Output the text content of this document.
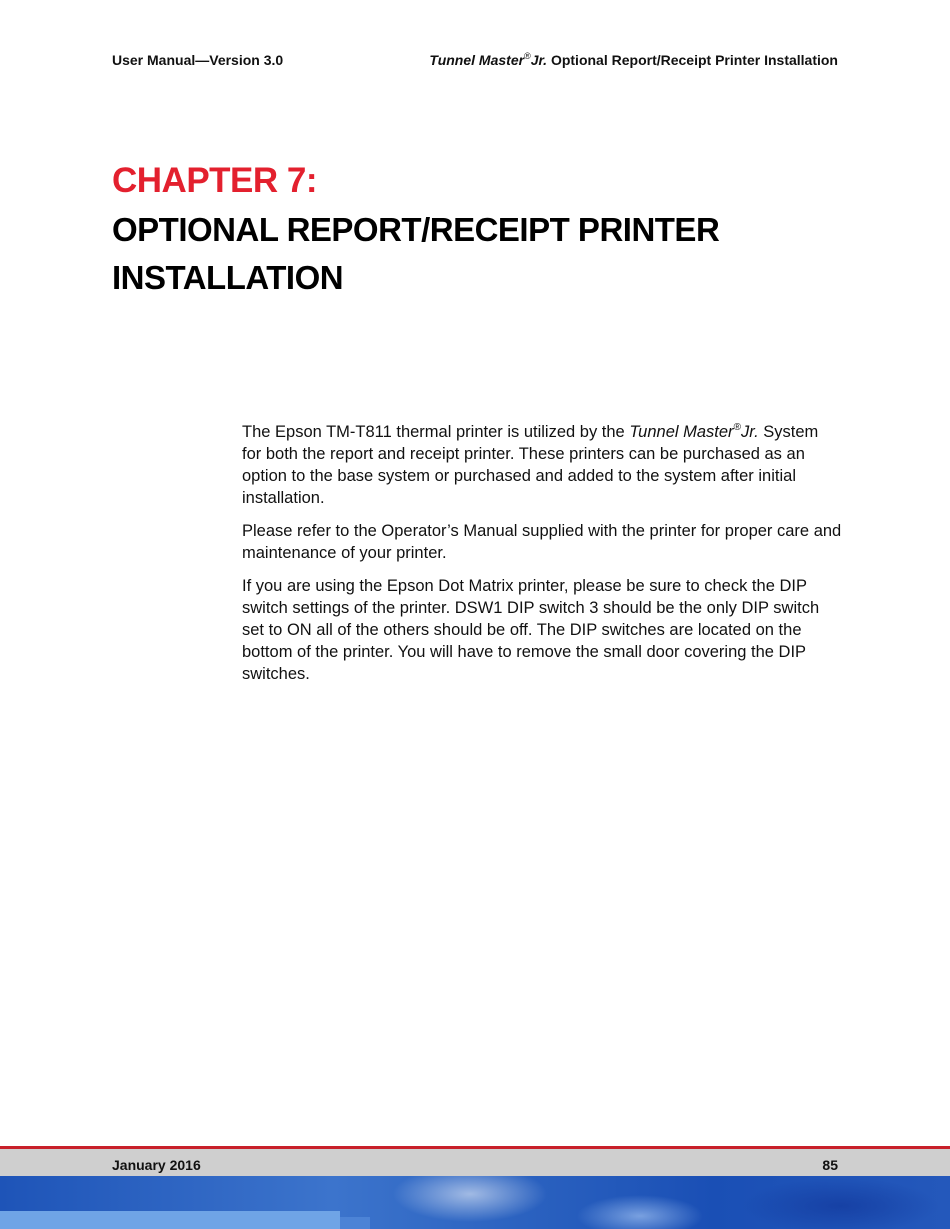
User Manual—Version 3.0	Tunnel Master®Jr. Optional Report/Receipt Printer Installation
CHAPTER 7:
OPTIONAL REPORT/RECEIPT PRINTER
INSTALLATION

The Epson TM-T811 thermal printer is utilized by the Tunnel Master®Jr. System for both the report and receipt printer. These printers can be purchased as an option to the base system or purchased and added to the system after initial installation.

Please refer to the Operator’s Manual supplied with the printer for proper care and maintenance of your printer.

If you are using the Epson Dot Matrix printer, please be sure to check the DIP switch settings of the printer. DSW1 DIP switch 3 should be the only DIP switch set to ON all of the others should be off. The DIP switches are located on the bottom of the printer. You will have to remove the small door covering the DIP switches.

January 2016	85
